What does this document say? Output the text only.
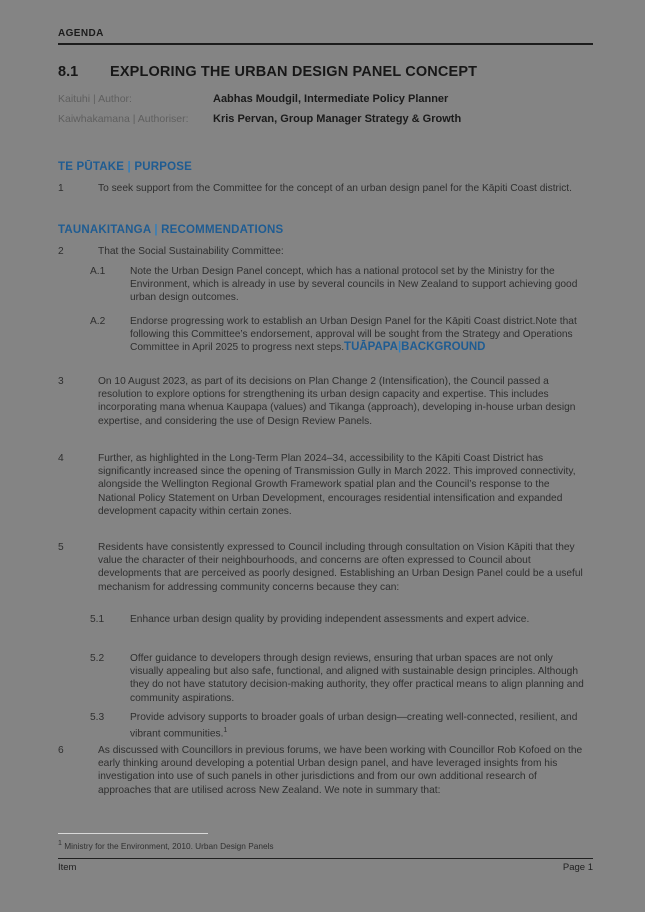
AGENDA
8.1	EXPLORING THE URBAN DESIGN PANEL CONCEPT
Kaituhi | Author:	Aabhas Moudgil, Intermediate Policy Planner
Kaiwhakamana | Authoriser:	Kris Pervan, Group Manager Strategy & Growth
TE PŪTAKE | PURPOSE
1	To seek support from the Committee for the concept of an urban design panel for the Kāpiti Coast district.
TAUNAKITANGA | RECOMMENDATIONS
2	That the Social Sustainability Committee:
A.1	Note the Urban Design Panel concept, which has a national protocol set by the Ministry for the Environment, which is already in use by several councils in New Zealand to support achieving good urban design outcomes.
A.2	Endorse progressing work to establish an Urban Design Panel for the Kāpiti Coast district.Note that following this Committee’s endorsement, approval will be sought from the Strategy and Operations Committee in April 2025 to progress next steps.TUĀPAPA|BACKGROUND
3	On 10 August 2023, as part of its decisions on Plan Change 2 (Intensification), the Council passed a resolution to explore options for strengthening its urban design capacity and expertise. This includes incorporating mana whenua Kaupapa (values) and Tikanga (approach), developing in-house urban design expertise, and considering the use of Design Review Panels.
4	Further, as highlighted in the Long-Term Plan 2024–34, accessibility to the Kāpiti Coast District has significantly increased since the opening of Transmission Gully in March 2022. This improved connectivity, alongside the Wellington Regional Growth Framework spatial plan and the Council’s response to the National Policy Statement on Urban Development, encourages residential intensification and expanded development capacity within certain zones.
5	Residents have consistently expressed to Council including through consultation on Vision Kāpiti that they value the character of their neighbourhoods, and concerns are often expressed to Council about developments that are perceived as poorly designed. Establishing an Urban Design Panel could be a useful mechanism for addressing community concerns because they can:
5.1	Enhance urban design quality by providing independent assessments and expert advice.
5.2	Offer guidance to developers through design reviews, ensuring that urban spaces are not only visually appealing but also safe, functional, and aligned with sustainable design principles. Although they do not have statutory decision-making authority, they offer practical means to align planning and community aspirations.
5.3	Provide advisory supports to broader goals of urban design—creating well-connected, resilient, and vibrant communities.$^1$
6	As discussed with Councillors in previous forums, we have been working with Councillor Rob Kofoed on the early thinking around developing a potential Urban design panel, and have leveraged insights from his investigation into use of such panels in other jurisdictions and from our own additional research of approaches that are utilised across New Zealand. We note in summary that:
$^1$ Ministry for the Environment, 2010. Urban Design Panels
Item	Page 1
